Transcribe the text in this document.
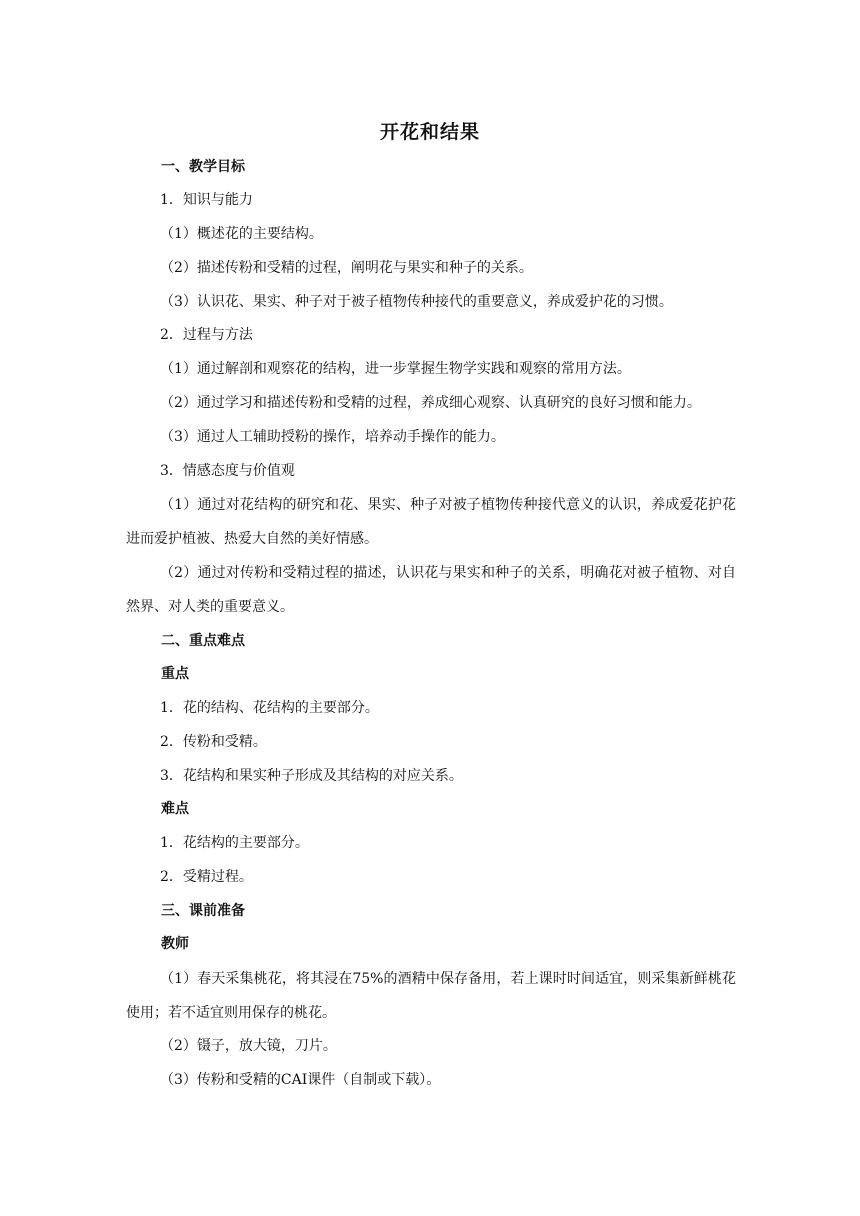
开花和结果
一、教学目标
1．知识与能力
（1）概述花的主要结构。
（2）描述传粉和受精的过程，阐明花与果实和种子的关系。
（3）认识花、果实、种子对于被子植物传种接代的重要意义，养成爱护花的习惯。
2．过程与方法
（1）通过解剖和观察花的结构，进一步掌握生物学实践和观察的常用方法。
（2）通过学习和描述传粉和受精的过程，养成细心观察、认真研究的良好习惯和能力。
（3）通过人工辅助授粉的操作，培养动手操作的能力。
3．情感态度与价值观
（1）通过对花结构的研究和花、果实、种子对被子植物传种接代意义的认识，养成爱花护花进而爱护植被、热爱大自然的美好情感。
（2）通过对传粉和受精过程的描述，认识花与果实和种子的关系，明确花对被子植物、对自然界、对人类的重要意义。
二、重点难点
重点
1．花的结构、花结构的主要部分。
2．传粉和受精。
3．花结构和果实种子形成及其结构的对应关系。
难点
1．花结构的主要部分。
2．受精过程。
三、课前准备
教师
（1）春天采集桃花，将其浸在75%的酒精中保存备用，若上课时时间适宜，则采集新鲜桃花使用；若不适宜则用保存的桃花。
（2）镊子，放大镜，刀片。
（3）传粉和受精的CAI课件（自制或下载）。
